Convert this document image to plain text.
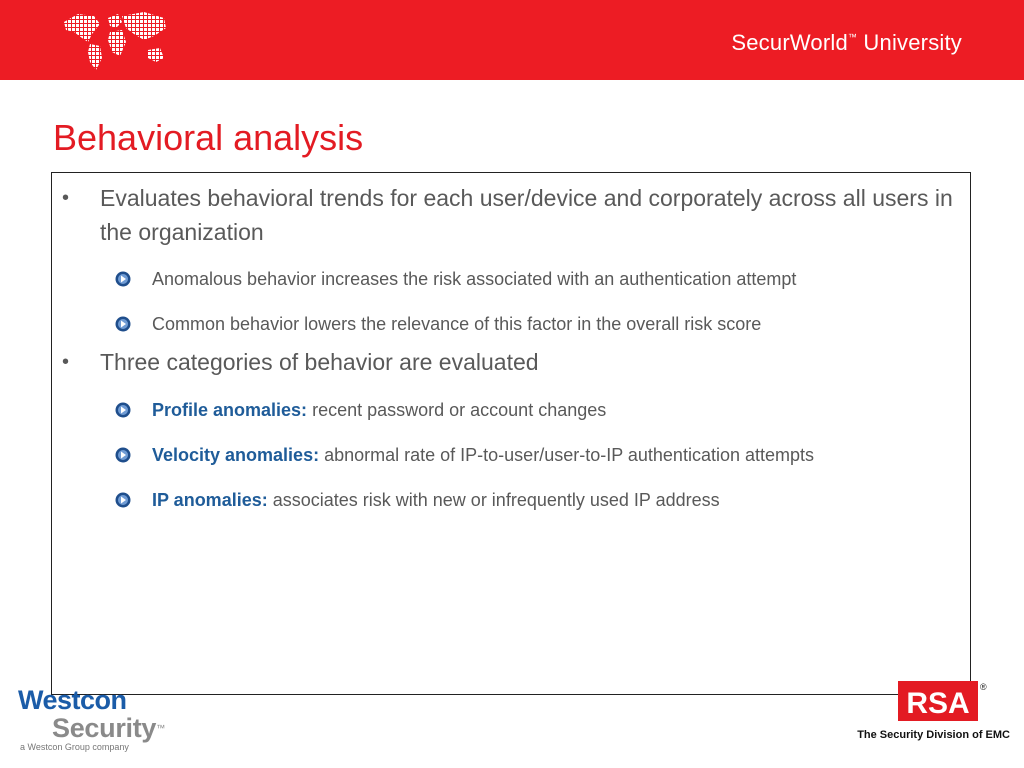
SecurWorld™ University
Behavioral analysis
• Evaluates behavioral trends for each user/device and corporately across all users in the organization
Anomalous behavior increases the risk associated with an authentication attempt
Common behavior lowers the relevance of this factor in the overall risk score
• Three categories of behavior are evaluated
Profile anomalies: recent password or account changes
Velocity anomalies: abnormal rate of IP-to-user/user-to-IP authentication attempts
IP anomalies: associates risk with new or infrequently used IP address
Westcon
Security™
a Westcon Group company
RSA ®
The Security Division of EMC
